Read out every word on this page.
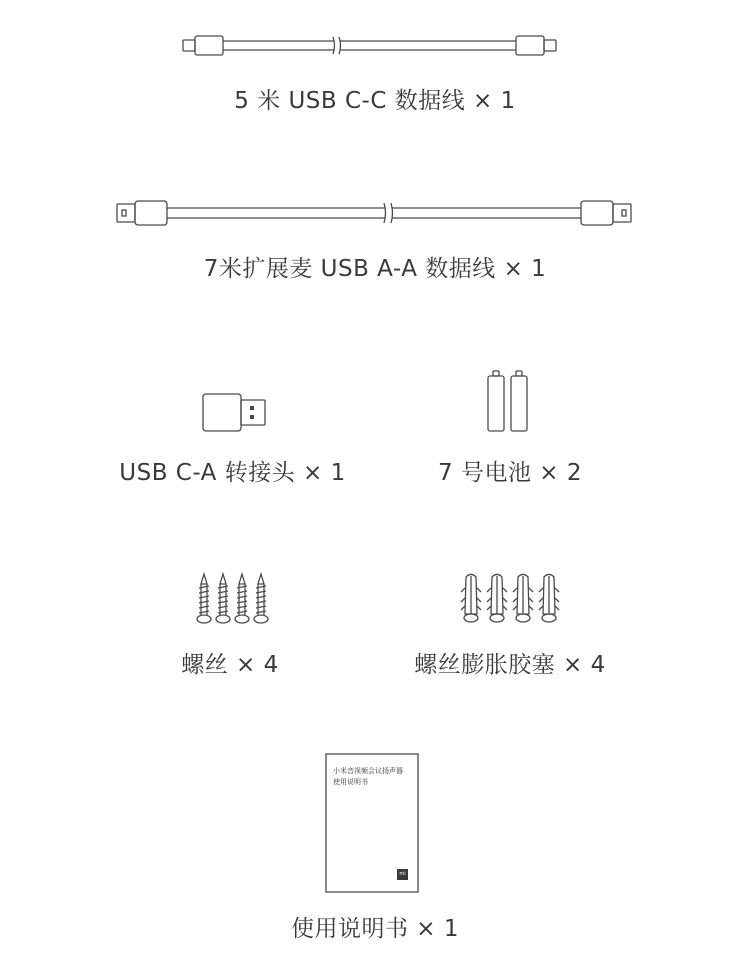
5 米 USB C-C 数据线 × 1
7米扩展麦 USB A-A 数据线 × 1
USB C-A 转接头 × 1	7 号电池 × 2
螺丝 × 4	螺丝膨胀胶塞 × 4
小米音视频会议扬声器
使用说明书
mi
使用说明书 × 1
